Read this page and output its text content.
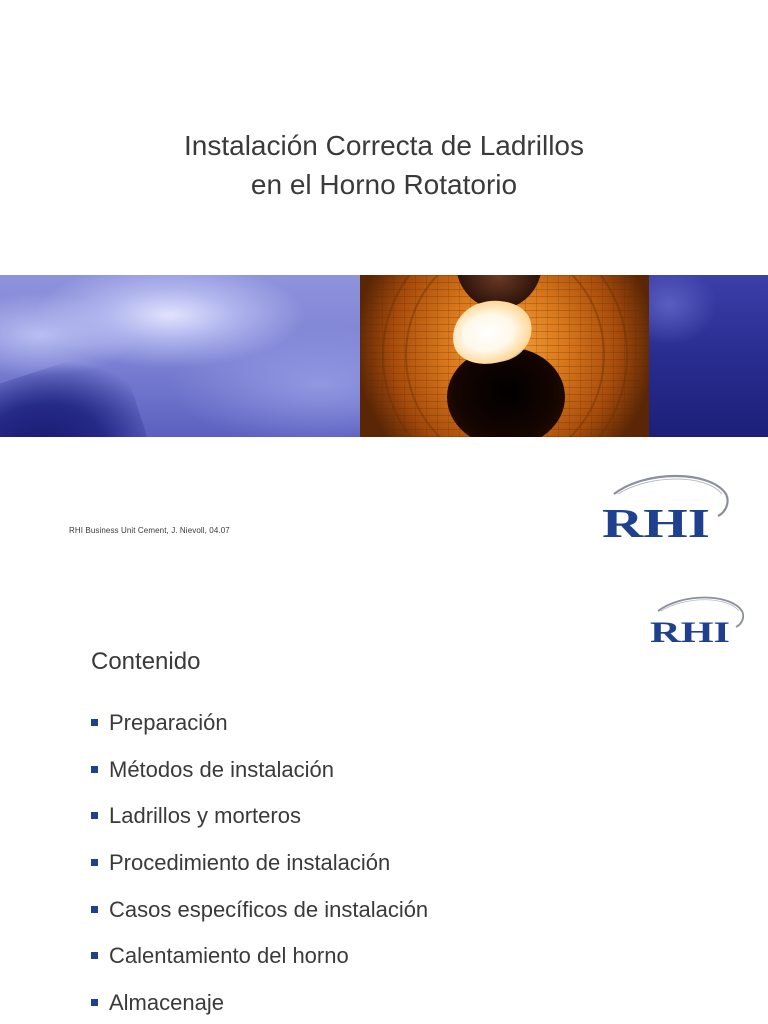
Instalación Correcta de Ladrillos
en el Horno Rotatorio
RHI Business Unit Cement, J. Nievoll, 04.07	RHI
RHI
Contenido
Preparación
Métodos de instalación
Ladrillos y morteros
Procedimiento de instalación
Casos específicos de instalación
Calentamiento del horno
Almacenaje
